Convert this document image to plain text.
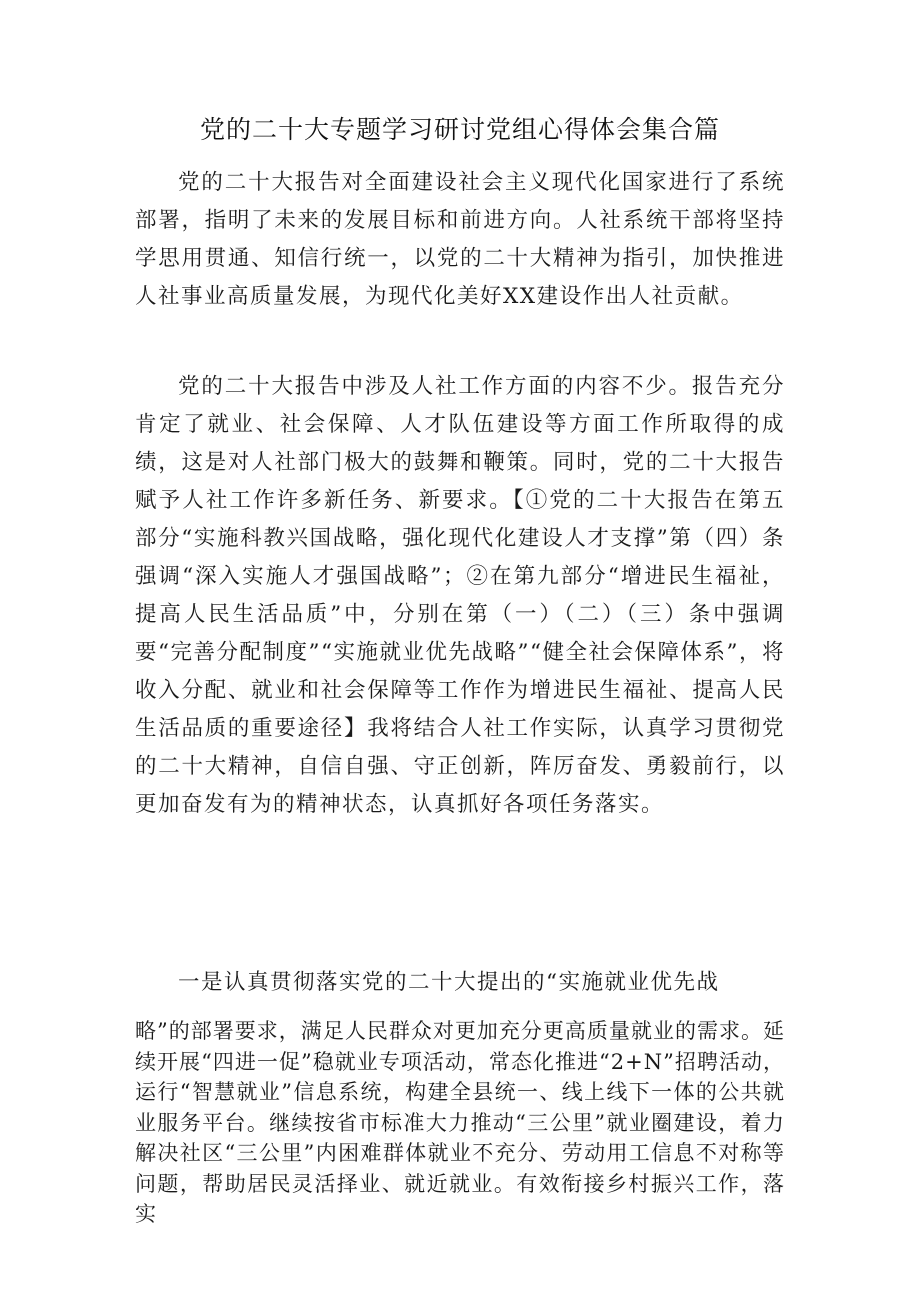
党的二十大专题学习研讨党组心得体会集合篇

党的二十大报告对全面建设社会主义现代化国家进行了系统部署，指明了未来的发展目标和前进方向。人社系统干部将坚持学思用贯通、知信行统一，以党的二十大精神为指引，加快推进人社事业高质量发展，为现代化美好XX建设作出人社贡献。

党的二十大报告中涉及人社工作方面的内容不少。报告充分肯定了就业、社会保障、人才队伍建设等方面工作所取得的成绩，这是对人社部门极大的鼓舞和鞭策。同时，党的二十大报告赋予人社工作许多新任务、新要求。【①党的二十大报告在第五部分“实施科教兴国战略，强化现代化建设人才支撑”第（四）条强调“深入实施人才强国战略”；②在第九部分“增进民生福祉，提高人民生活品质”中，分别在第（一）（二）（三）条中强调要“完善分配制度”“实施就业优先战略”“健全社会保障体系”，将收入分配、就业和社会保障等工作作为增进民生福祉、提高人民生活品质的重要途径】我将结合人社工作实际，认真学习贯彻党的二十大精神，自信自强、守正创新，阵厉奋发、勇毅前行，以更加奋发有为的精神状态，认真抓好各项任务落实。

一是认真贯彻落实党的二十大提出的“实施就业优先战

略”的部署要求，满足人民群众对更加充分更高质量就业的需求。延续开展“四进一促”稳就业专项活动，常态化推进“2+N”招聘活动，运行“智慧就业”信息系统，构建全县统一、线上线下一体的公共就业服务平台。继续按省市标准大力推动“三公里”就业圈建设，着力解决社区“三公里”内困难群体就业不充分、劳动用工信息不对称等问题，帮助居民灵活择业、就近就业。有效衔接乡村振兴工作，落实
